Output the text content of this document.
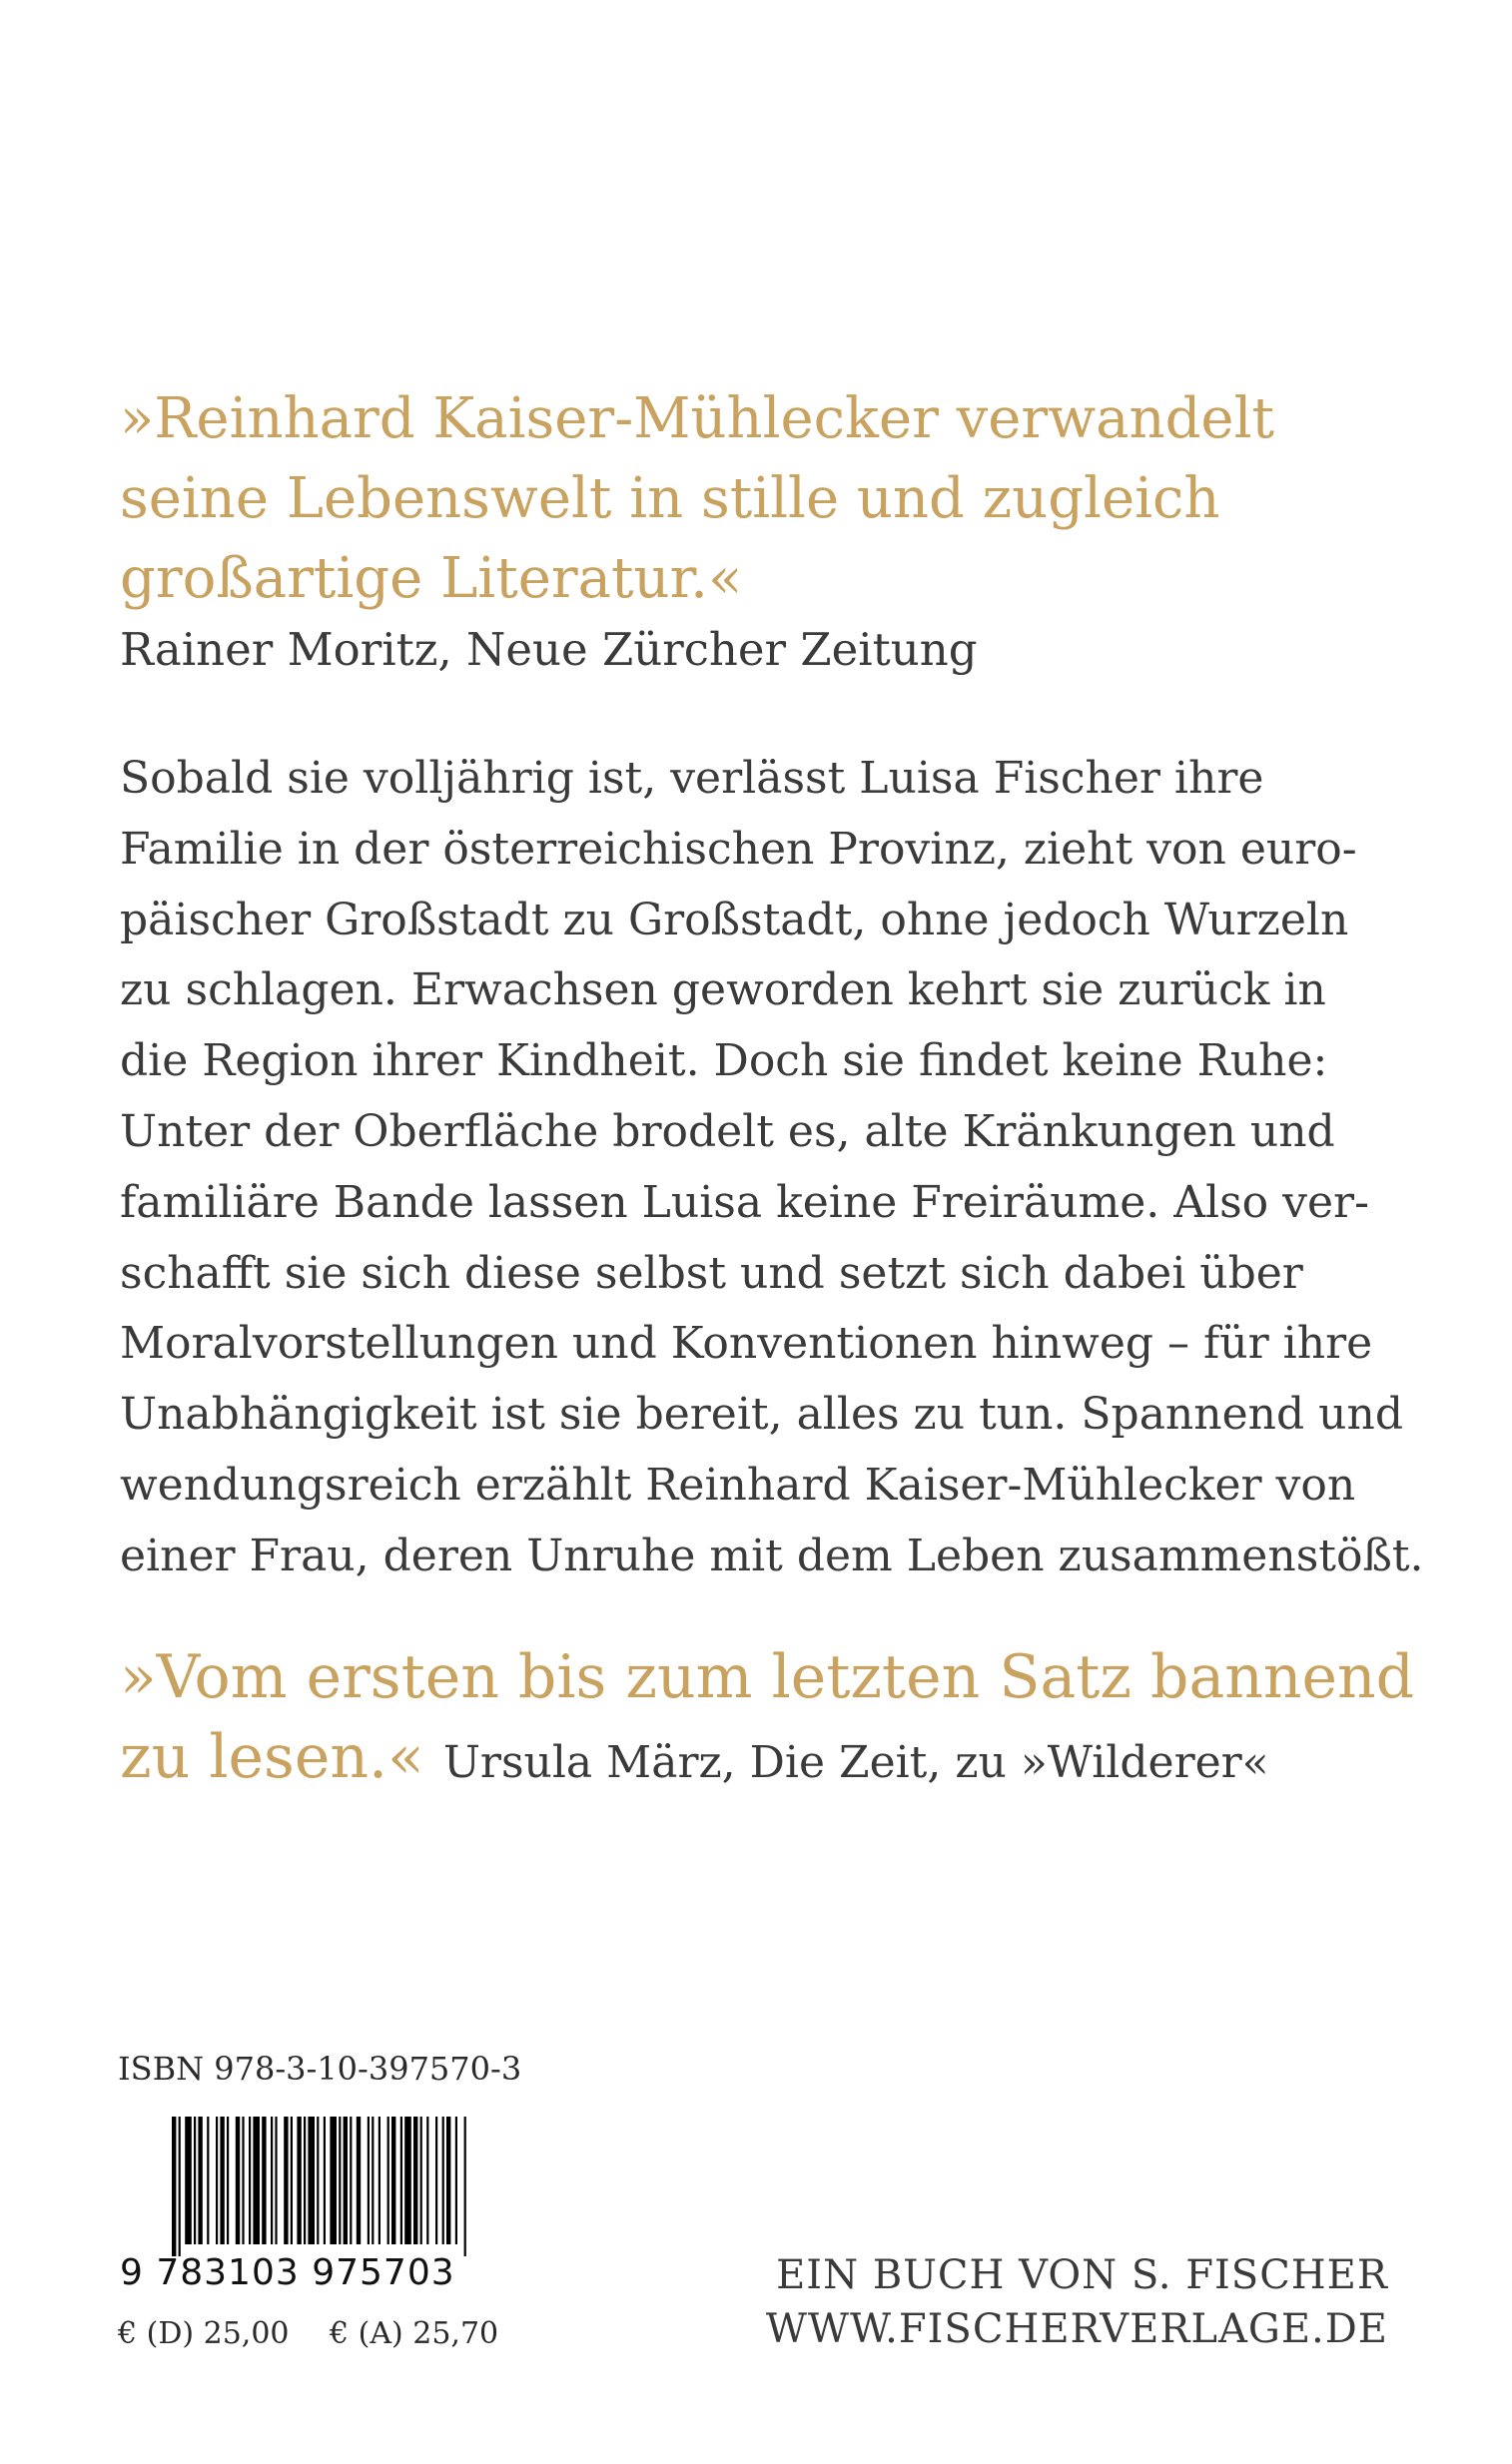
»Reinhard Kaiser-Mühlecker verwandelt
seine Lebenswelt in stille und zugleich
großartige Literatur.«
Rainer Moritz, Neue Zürcher Zeitung
Sobald sie volljährig ist, verlässt Luisa Fischer ihre
Familie in der österreichischen Provinz, zieht von euro-
päischer Großstadt zu Großstadt, ohne jedoch Wurzeln
zu schlagen. Erwachsen geworden kehrt sie zurück in
die Region ihrer Kindheit. Doch sie findet keine Ruhe:
Unter der Oberfläche brodelt es, alte Kränkungen und
familiäre Bande lassen Luisa keine Freiräume. Also ver-
schafft sie sich diese selbst und setzt sich dabei über
Moralvorstellungen und Konventionen hinweg – für ihre
Unabhängigkeit ist sie bereit, alles zu tun. Spannend und
wendungsreich erzählt Reinhard Kaiser-Mühlecker von
einer Frau, deren Unruhe mit dem Leben zusammenstößt.
»Vom ersten bis zum letzten Satz bannend
zu lesen.« Ursula März, Die Zeit, zu »Wilderer«
ISBN 978-3-10-397570-3
9 783103 975703
€ (D) 25,00 € (A) 25,70
EIN BUCH VON S. FISCHER
WWW.FISCHERVERLAGE.DE
